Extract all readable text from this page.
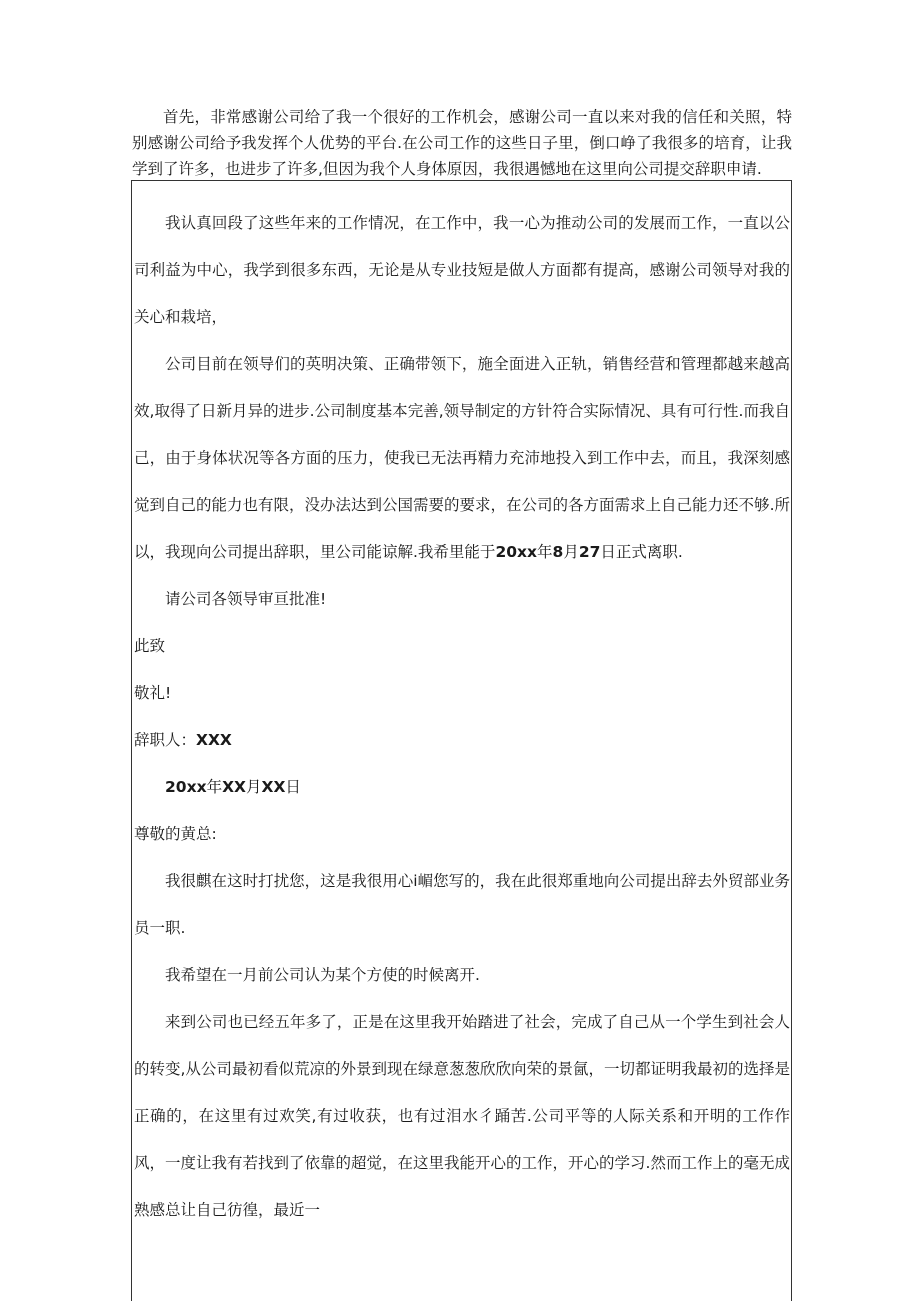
首先，非常感谢公司给了我一个很好的工作机会，感谢公司一直以来对我的信任和关照，特别感谢公司给予我发挥个人优势的平台.在公司工作的这些日子里，倒口峥了我很多的培育，让我学到了许多，也进步了许多,但因为我个人身体原因，我很遇憾地在这里向公司提交辞职申请.

我认真回段了这些年来的工作情况，在工作中，我一心为推动公司的发展而工作，一直以公司利益为中心，我学到很多东西，无论是从专业技短是做人方面都有提高，感谢公司领导对我的关心和栽培，

公司目前在领导们的英明决策、正确带领下，施全面进入正轨，销售经营和管理都越来越高效,取得了日新月异的进步.公司制度基本完善,领导制定的方针符合实际情况、具有可行性.而我自己，由于身体状况等各方面的压力，使我已无法再精力充沛地投入到工作中去，而且，我深刻感觉到自己的能力也有限，没办法达到公国需要的要求，在公司的各方面需求上自己能力还不够.所以，我现向公司提出辞职，里公司能谅解.我希里能于20xx年8月27日正式离职.

请公司各领导审亘批准!

此致

敬礼!

辞职人：XXX

20xx年XX月XX日

尊敬的黄总:

我很麒在这时打扰您，这是我很用心i嵋您写的，我在此很郑重地向公司提出辞去外贸部业务员一职.

我希望在一月前公司认为某个方使的时候离开.

来到公司也已经五年多了，正是在这里我开始踏进了社会，完成了自己从一个学生到社会人的转变,从公司最初看似荒凉的外景到现在绿意葱葱欣欣向荣的景氤，一切都证明我最初的选择是正确的，在这里有过欢笑,有过收获，也有过泪水彳踊苦.公司平等的人际关系和开明的工作作风，一度让我有若找到了依靠的超觉，在这里我能开心的工作，开心的学习.然而工作上的毫无成熟感总让自己彷徨，最近一
